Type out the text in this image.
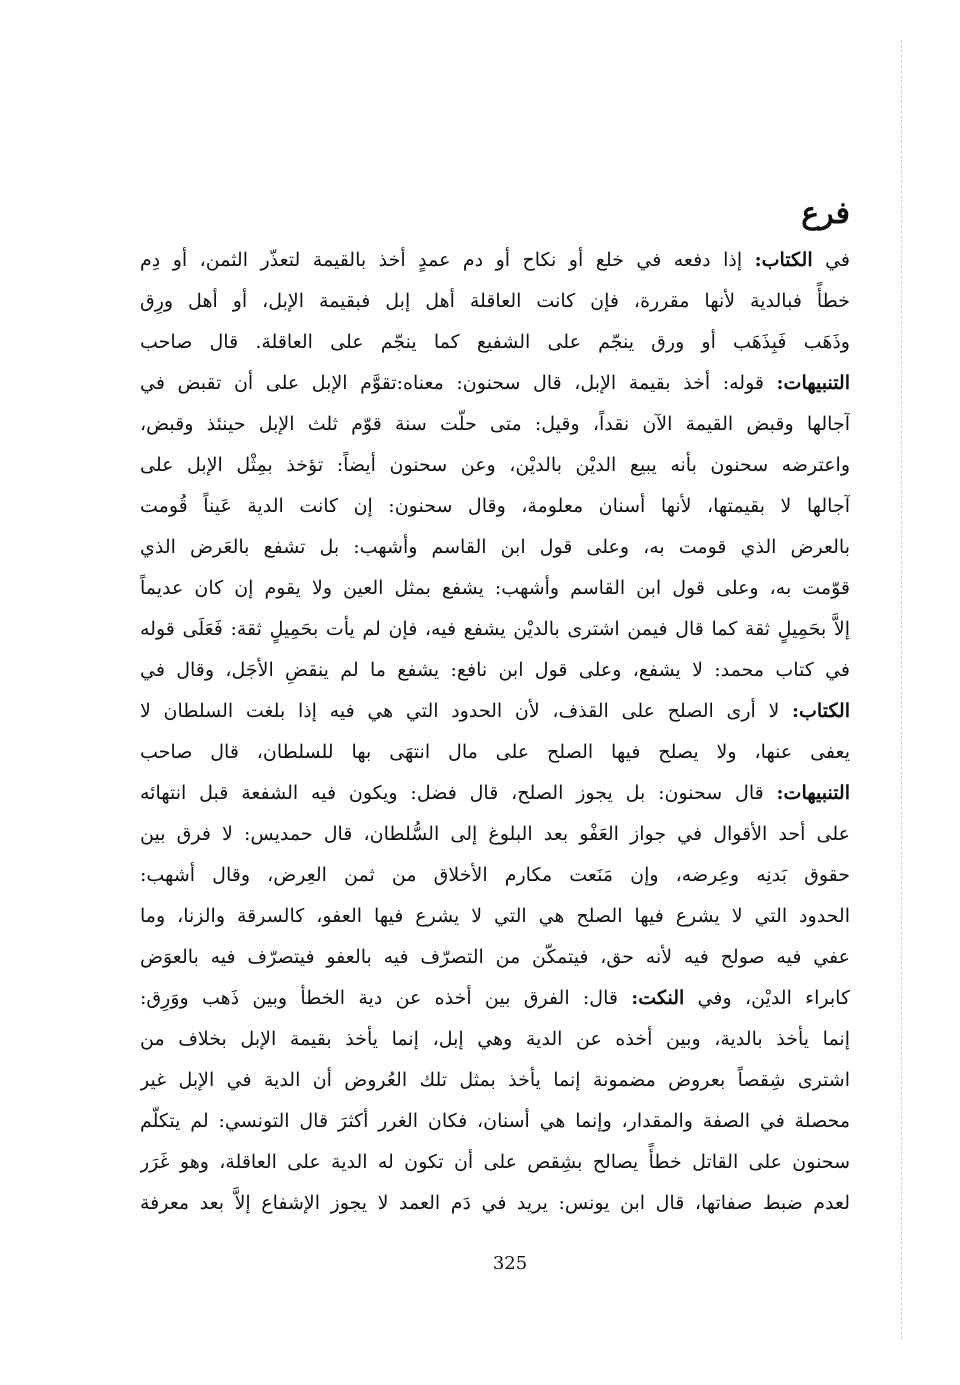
فرع
في الكتاب: إذا دفعه في خلع أو نكاح أو دم عمدٍ أخذ بالقيمة لتعذّر الثمن، أو دِم
خطأً فبالدية لأنها مقررة، فإن كانت العاقلة أهل إبل فبقيمة الإبل، أو أهل ورِق
وذَهَب فَبِذَهَب أو ورق ينجّم على الشفيع كما ينجّم على العاقلة. قال صاحب
التنبيهات: قوله: أخذ بقيمة الإبل، قال سحنون: معناه:تقوَّم الإبل على أن تقبض في
آجالها وقبض القيمة الآن نقداً، وقيل: متى حلّت سنة قوّم ثلث الإبل حينئذ وقبض،
واعترضه سحنون بأنه يبيع الديْن بالديْن، وعن سحنون أيضاً: تؤخذ بمِثْل الإبل على
آجالها لا بقيمتها، لأنها أسنان معلومة، وقال سحنون: إن كانت الدية عَيناً قُومت
بالعرض الذي قومت به، وعلى قول ابن القاسم وأشهب: بل تشفع بالعَرض الذي
قوّمت به، وعلى قول ابن القاسم وأشهب: يشفع بمثل العين ولا يقوم إن كان عديماً
إلاَّ بحَمِيلٍ ثقة كما قال فيمن اشترى بالديْن يشفع فيه، فإن لم يأت بحَمِيلٍ ثقة: فَعَلَى قوله
في كتاب محمد: لا يشفع، وعلى قول ابن نافع: يشفع ما لم ينقضِ الأجَل، وقال في
الكتاب: لا أرى الصلح على القذف، لأن الحدود التي هي فيه إذا بلغت السلطان لا
يعفى عنها، ولا يصلح فيها الصلح على مال انتهَى بها للسلطان، قال صاحب
التنبيهات: قال سحنون: بل يجوز الصلح، قال فضل: ويكون فيه الشفعة قبل انتهائه
على أحد الأقوال في جواز العَفْو بعد البلوغ إلى السُّلطان، قال حمديس: لا فرق بين
حقوق بَدنِه وعِرضه، وإن مَنَعت مكارم الأخلاق من ثمن العِرض، وقال أشهب:
الحدود التي لا يشرع فيها الصلح هي التي لا يشرع فيها العفو، كالسرقة والزنا، وما
عفي فيه صولح فيه لأنه حق، فيتمكّن من التصرّف فيه بالعفو فيتصرّف فيه بالعوَض
كابراء الديْن، وفي النكت: قال: الفرق بين أخذه عن دية الخطأ وبين ذَهب ووَرِق:
إنما يأخذ بالدية، وبين أخذه عن الدية وهي إبل، إنما يأخذ بقيمة الإبل بخلاف من
اشترى شِقصاً بعروض مضمونة إنما يأخذ بمثل تلك العُروض أن الدية في الإبل غير
محصلة في الصفة والمقدار، وإنما هي أسنان، فكان الغرر أكثرَ قال التونسي: لم يتكلّم
سحنون على القاتل خطأً يصالح بشِقص على أن تكون له الدية على العاقلة، وهو غَرَر
لعدم ضبط صفاتها، قال ابن يونس: يريد في دَم العمد لا يجوز الإشفاع إلاَّ بعد معرفة
325
